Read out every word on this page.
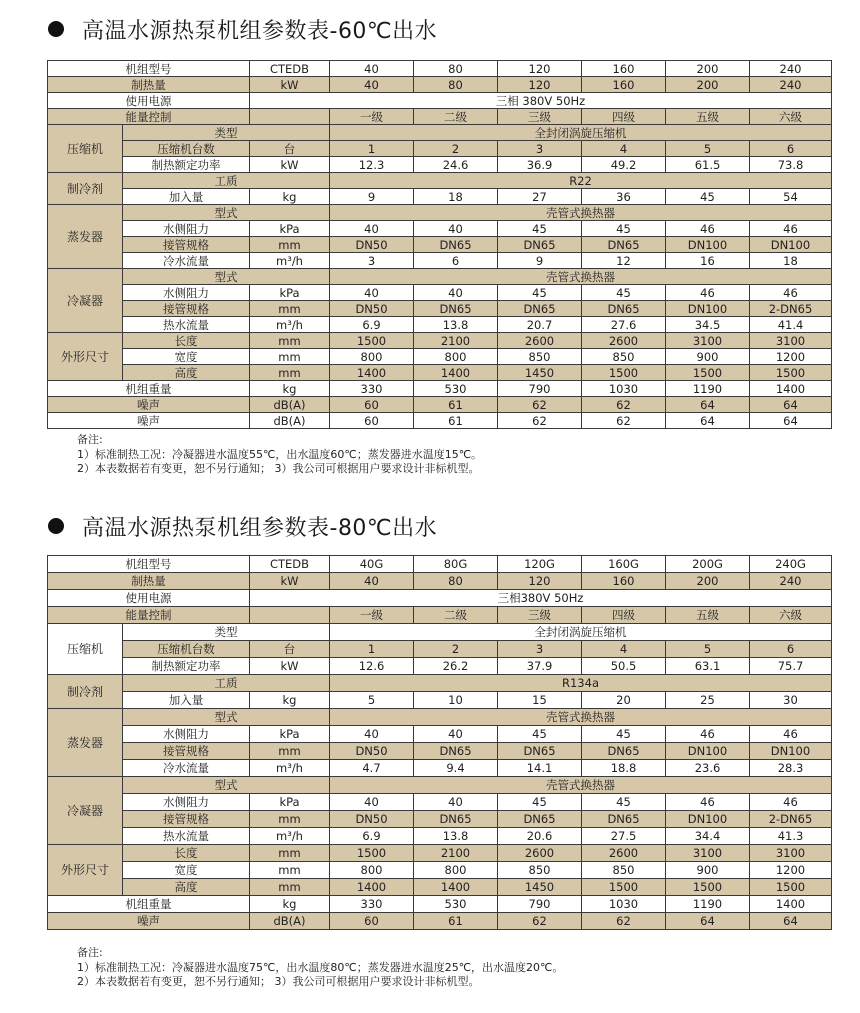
高温水源热泵机组参数表-60℃出水
机组型号		CTEDB	40	80	120	160	200	240
制热量		kW	40	80	120	160	200	240
使用电源		三相 380V 50Hz						
能量控制			一级	二级	三级	四级	五级	六级
压缩机	类型		全封闭涡旋压缩机					
	压缩机台数	台	1	2	3	4	5	6
	制热额定功率	kW	12.3	24.6	36.9	49.2	61.5	73.8
制冷剂	工质		R22					
	加入量	kg	9	18	27	36	45	54
蒸发器	型式		壳管式换热器					
	水侧阻力	kPa	40	40	45	45	46	46
	接管规格	mm	DN50	DN65	DN65	DN65	DN100	DN100
	冷水流量	m³/h	3	6	9	12	16	18
冷凝器	型式		壳管式换热器					
	水侧阻力	kPa	40	40	45	45	46	46
	接管规格	mm	DN50	DN65	DN65	DN65	DN100	2-DN65
	热水流量	m³/h	6.9	13.8	20.7	27.6	34.5	41.4
外形尺寸	长度	mm	1500	2100	2600	2600	3100	3100
	宽度	mm	800	800	850	850	900	1200
	高度	mm	1400	1400	1450	1500	1500	1500
机组重量		kg	330	530	790	1030	1190	1400
噪声		dB(A)	60	61	62	62	64	64
噪声		dB(A)	60	61	62	62	64	64
备注:
1）标准制热工况：冷凝器进水温度55℃，出水温度60℃；蒸发器进水温度15℃。
2）本表数据若有变更，恕不另行通知； 3）我公司可根据用户要求设计非标机型。
高温水源热泵机组参数表-80℃出水
机组型号		CTEDB	40G	80G	120G	160G	200G	240G
制热量		kW	40	80	120	160	200	240
使用电源		三相380V 50Hz						
能量控制			一级	二级	三级	四级	五级	六级
压缩机	类型		全封闭涡旋压缩机					
	压缩机台数	台	1	2	3	4	5	6
	制热额定功率	kW	12.6	26.2	37.9	50.5	63.1	75.7
制冷剂	工质		R134a					
	加入量	kg	5	10	15	20	25	30
蒸发器	型式		壳管式换热器					
	水侧阻力	kPa	40	40	45	45	46	46
	接管规格	mm	DN50	DN65	DN65	DN65	DN100	DN100
	冷水流量	m³/h	4.7	9.4	14.1	18.8	23.6	28.3
冷凝器	型式		壳管式换热器					
	水侧阻力	kPa	40	40	45	45	46	46
	接管规格	mm	DN50	DN65	DN65	DN65	DN100	2-DN65
	热水流量	m³/h	6.9	13.8	20.6	27.5	34.4	41.3
外形尺寸	长度	mm	1500	2100	2600	2600	3100	3100
	宽度	mm	800	800	850	850	900	1200
	高度	mm	1400	1400	1450	1500	1500	1500
机组重量		kg	330	530	790	1030	1190	1400
噪声		dB(A)	60	61	62	62	64	64
备注:
1）标准制热工况：冷凝器进水温度75℃，出水温度80℃；蒸发器进水温度25℃，出水温度20℃。
2）本表数据若有变更，恕不另行通知； 3）我公司可根据用户要求设计非标机型。
